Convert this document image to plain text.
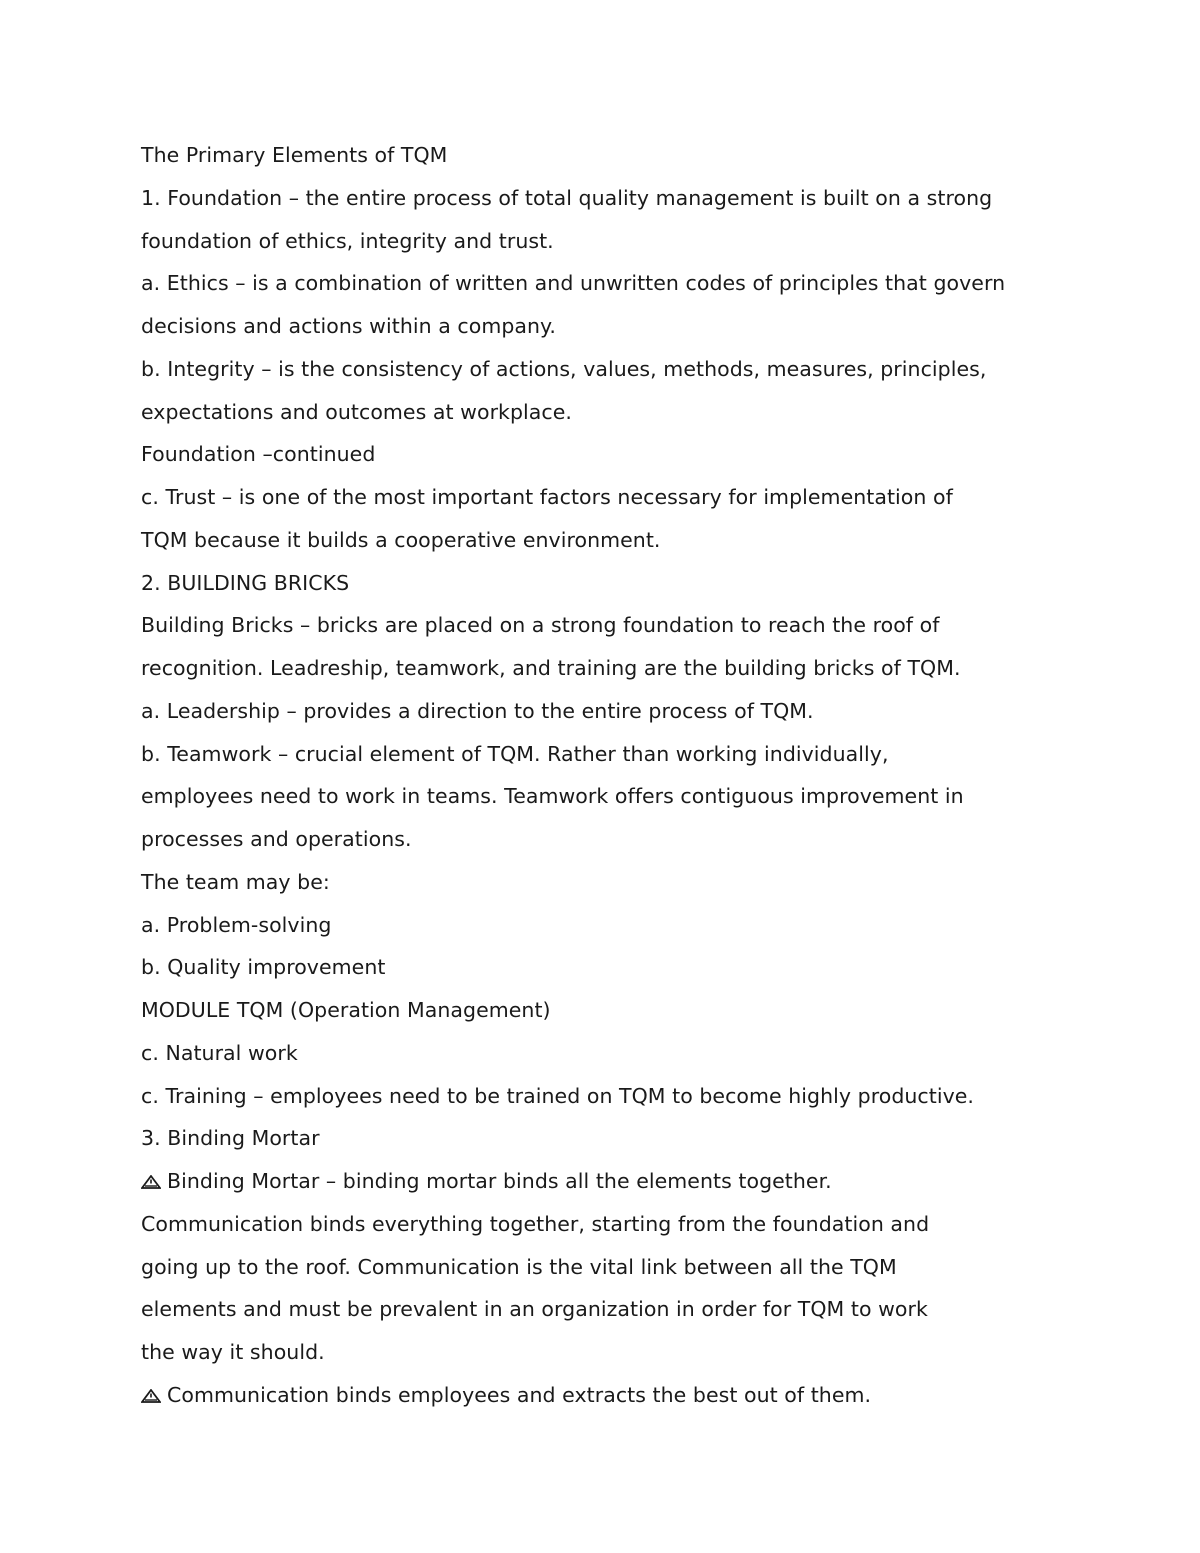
The Primary Elements of TQM
1. Foundation – the entire process of total quality management is built on a strong
foundation of ethics, integrity and trust.
a. Ethics – is a combination of written and unwritten codes of principles that govern
decisions and actions within a company.
b. Integrity – is the consistency of actions, values, methods, measures, principles,
expectations and outcomes at workplace.
Foundation –continued
c. Trust – is one of the most important factors necessary for implementation of
TQM because it builds a cooperative environment.
2. BUILDING BRICKS
Building Bricks – bricks are placed on a strong foundation to reach the roof of
recognition. Leadreship, teamwork, and training are the building bricks of TQM.
a. Leadership – provides a direction to the entire process of TQM.
b. Teamwork – crucial element of TQM. Rather than working individually,
employees need to work in teams. Teamwork offers contiguous improvement in
processes and operations.
The team may be:
a. Problem-solving
b. Quality improvement
MODULE TQM (Operation Management)
c. Natural work
c. Training – employees need to be trained on TQM to become highly productive.
3. Binding Mortar
Binding Mortar – binding mortar binds all the elements together.
Communication binds everything together, starting from the foundation and
going up to the roof. Communication is the vital link between all the TQM
elements and must be prevalent in an organization in order for TQM to work
the way it should.
Communication binds employees and extracts the best out of them.
